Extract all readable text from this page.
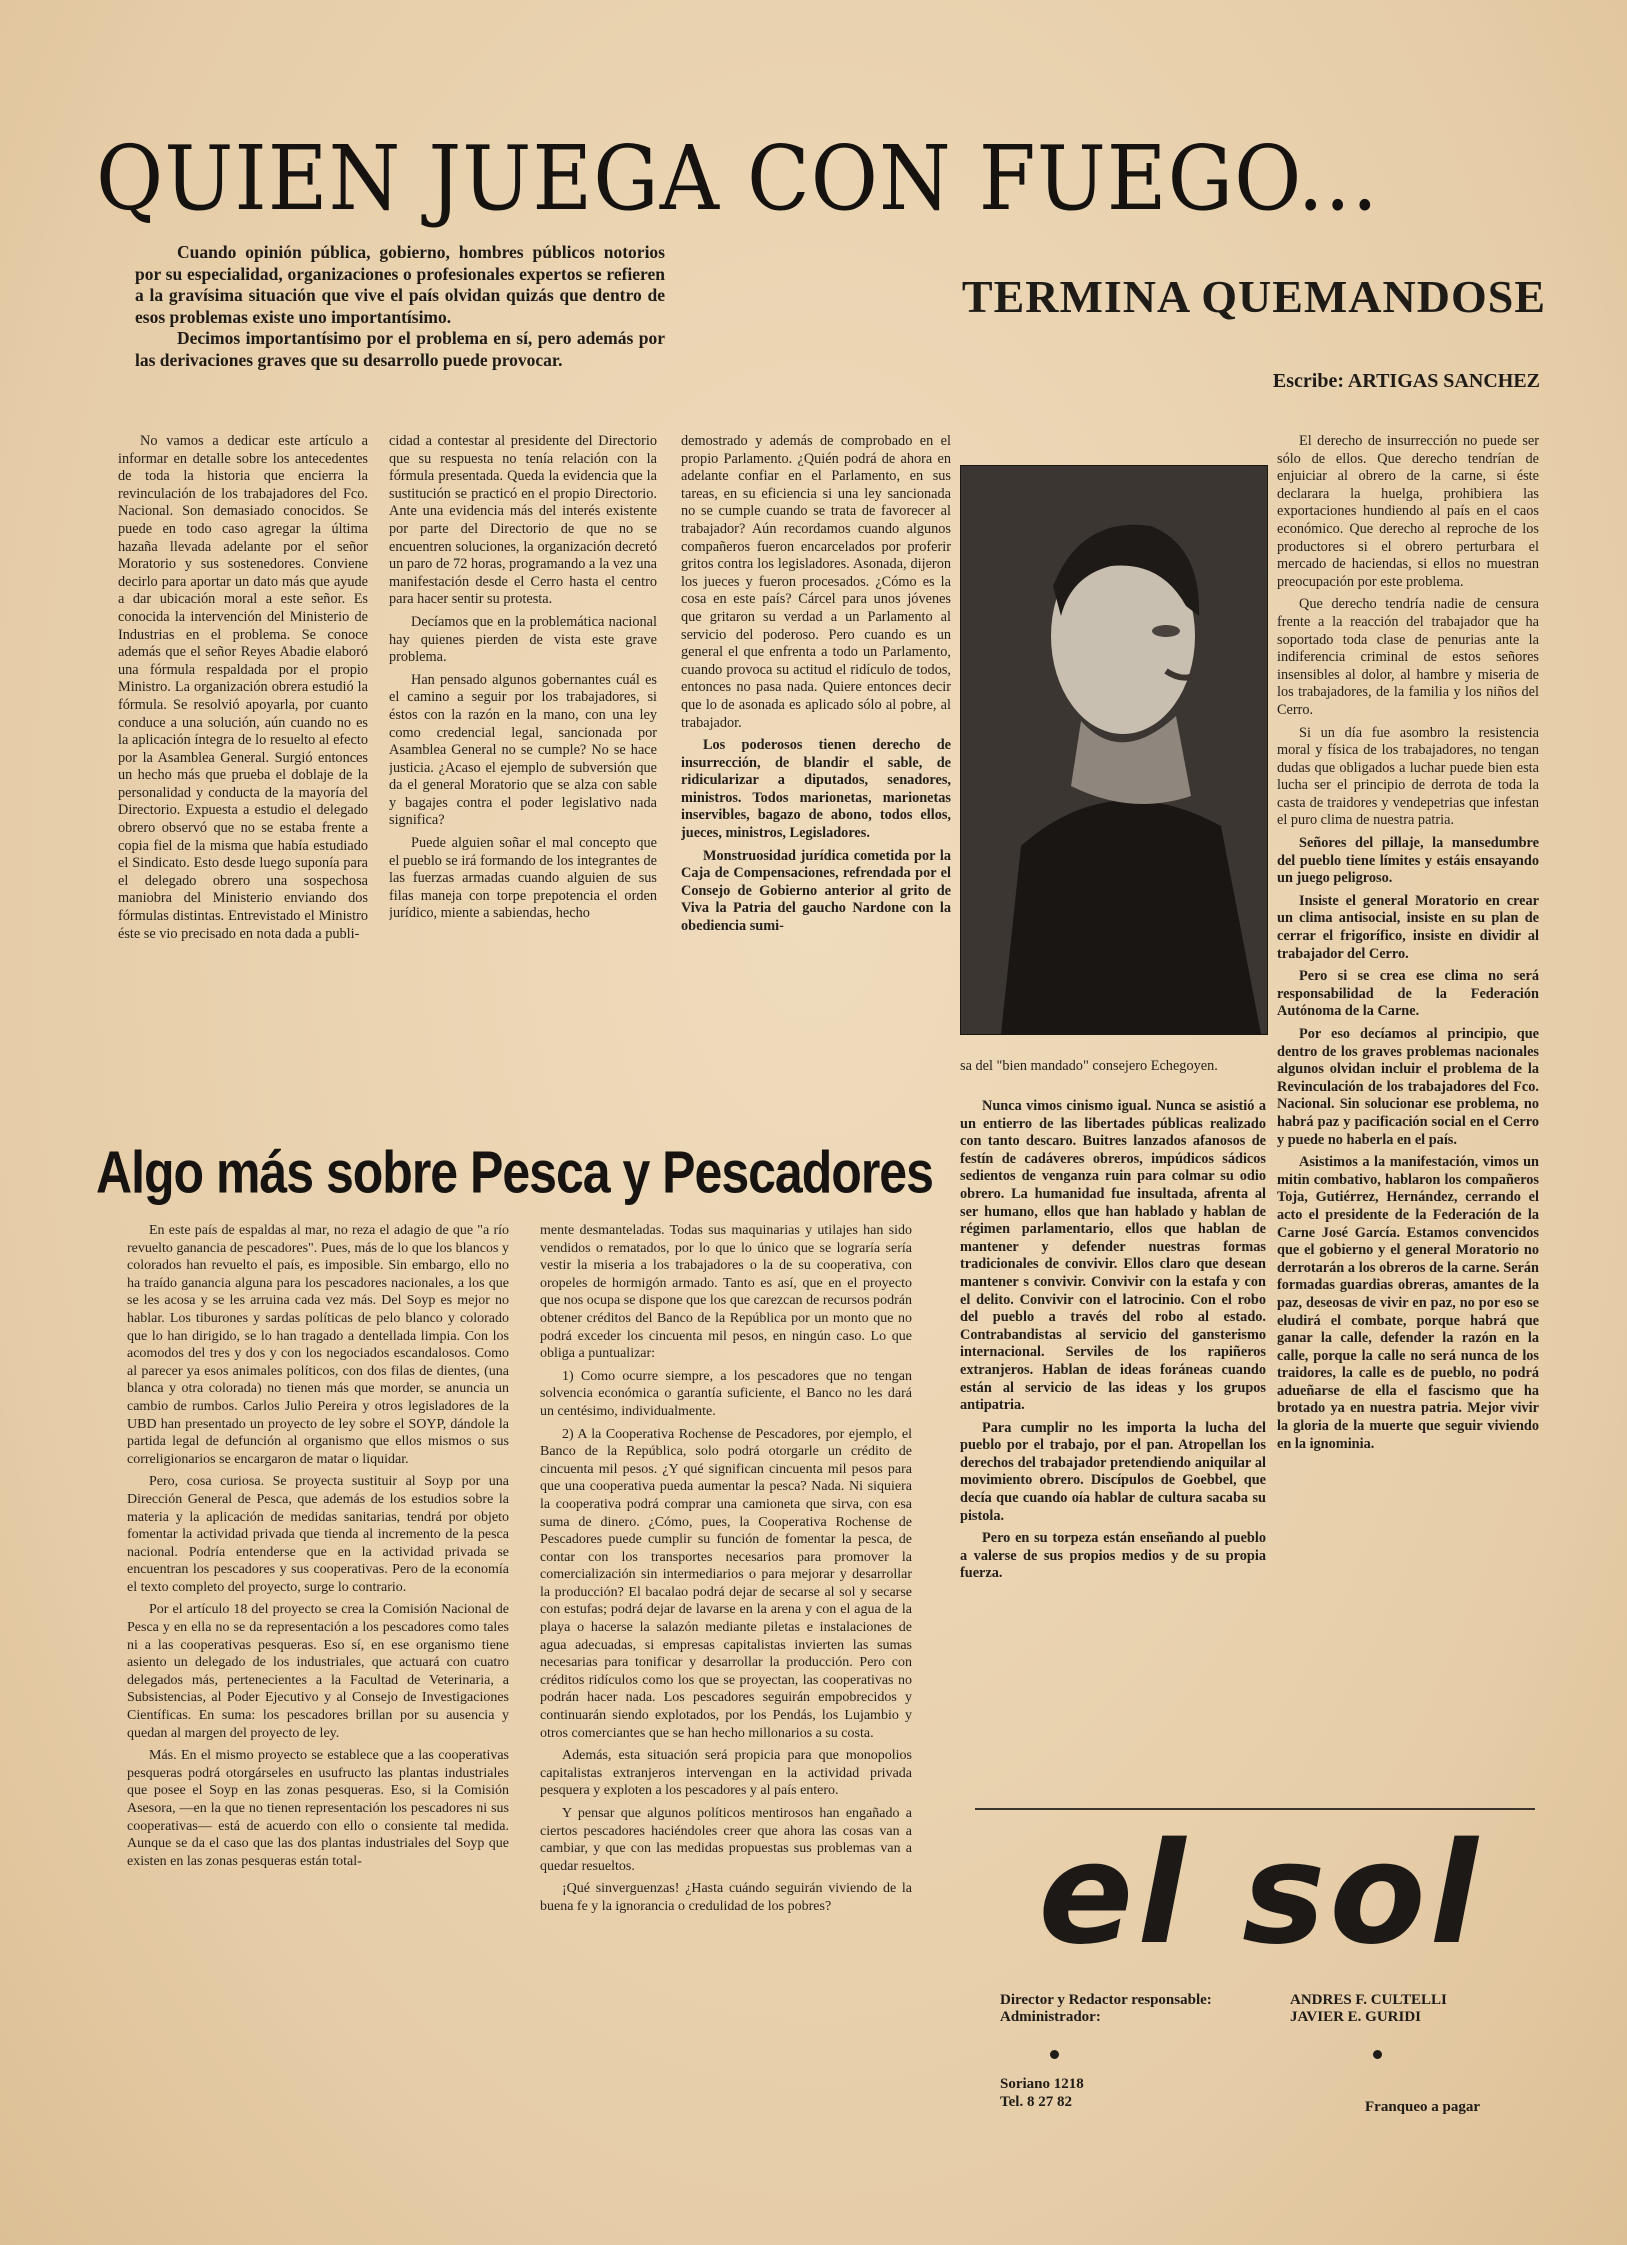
QUIEN JUEGA CON FUEGO...

Cuando opinión pública, gobierno, hombres públicos notorios por su especialidad, organizaciones o profesionales expertos se refieren a la gravísima situación que vive el país olvidan quizás que dentro de esos problemas existe uno importantísimo.

Decimos importantísimo por el problema en sí, pero además por las derivaciones graves que su desarrollo puede provocar.

TERMINA QUEMANDOSE
Escribe: ARTIGAS SANCHEZ

No vamos a dedicar este artículo a informar en detalle sobre los antecedentes de toda la historia que encierra la revinculación de los trabajadores del Fco. Nacional. Son demasiado conocidos. Se puede en todo caso agregar la última hazaña llevada adelante por el señor Moratorio y sus sostenedores. Conviene decirlo para aportar un dato más que ayude a dar ubicación moral a este señor. Es conocida la intervención del Ministerio de Industrias en el problema. Se conoce además que el señor Reyes Abadie elaboró una fórmula respaldada por el propio Ministro. La organización obrera estudió la fórmula. Se resolvió apoyarla, por cuanto conduce a una solución, aún cuando no es la aplicación íntegra de lo resuelto al efecto por la Asamblea General. Surgió entonces un hecho más que prueba el doblaje de la personalidad y conducta de la mayoría del Directorio. Expuesta a estudio el delegado obrero observó que no se estaba frente a copia fiel de la misma que había estudiado el Sindicato. Esto desde luego suponía para el delegado obrero una sospechosa maniobra del Ministerio enviando dos fórmulas distintas. Entrevistado el Ministro éste se vio precisado en nota dada a publi-

cidad a contestar al presidente del Directorio que su respuesta no tenía relación con la fórmula presentada. Queda la evidencia que la sustitución se practicó en el propio Directorio. Ante una evidencia más del interés existente por parte del Directorio de que no se encuentren soluciones, la organización decretó un paro de 72 horas, programando a la vez una manifestación desde el Cerro hasta el centro para hacer sentir su protesta.

Decíamos que en la problemática nacional hay quienes pierden de vista este grave problema.

Han pensado algunos gobernantes cuál es el camino a seguir por los trabajadores, si éstos con la razón en la mano, con una ley como credencial legal, sancionada por Asamblea General no se cumple? No se hace justicia. ¿Acaso el ejemplo de subversión que da el general Moratorio que se alza con sable y bagajes contra el poder legislativo nada significa?

Puede alguien soñar el mal concepto que el pueblo se irá formando de los integrantes de las fuerzas armadas cuando alguien de sus filas maneja con torpe prepotencia el orden jurídico, miente a sabiendas, hecho

demostrado y además de comprobado en el propio Parlamento. ¿Quién podrá de ahora en adelante confiar en el Parlamento, en sus tareas, en su eficiencia si una ley sancionada no se cumple cuando se trata de favorecer al trabajador? Aún recordamos cuando algunos compañeros fueron encarcelados por proferir gritos contra los legisladores. Asonada, dijeron los jueces y fueron procesados. ¿Cómo es la cosa en este país? Cárcel para unos jóvenes que gritaron su verdad a un Parlamento al servicio del poderoso. Pero cuando es un general el que enfrenta a todo un Parlamento, cuando provoca su actitud el ridículo de todos, entonces no pasa nada. Quiere entonces decir que lo de asonada es aplicado sólo al pobre, al trabajador.

Los poderosos tienen derecho de insurrección, de blandir el sable, de ridicularizar a diputados, senadores, ministros. Todos marionetas, marionetas inservibles, bagazo de abono, todos ellos, jueces, ministros, Legisladores.

Monstruosidad jurídica cometida por la Caja de Compensaciones, refrendada por el Consejo de Gobierno anterior al grito de Viva la Patria del gaucho Nardone con la obediencia sumi-

sa del "bien mandado" consejero Echegoyen.

Nunca vimos cinismo igual. Nunca se asistió a un entierro de las libertades públicas realizado con tanto descaro. Buitres lanzados afanosos de festín de cadáveres obreros, impúdicos sádicos sedientos de venganza ruin para colmar su odio obrero. La humanidad fue insultada, afrenta al ser humano, ellos que han hablado y hablan de régimen parlamentario, ellos que hablan de mantener y defender nuestras formas tradicionales de convivir. Ellos claro que desean mantener s convivir. Convivir con la estafa y con el delito. Convivir con el latrocinio. Con el robo del pueblo a través del robo al estado. Contrabandistas al servicio del gansterismo internacional. Serviles de los rapiñeros extranjeros. Hablan de ideas foráneas cuando están al servicio de las ideas y los grupos antipatria.

Para cumplir no les importa la lucha del pueblo por el trabajo, por el pan. Atropellan los derechos del trabajador pretendiendo aniquilar al movimiento obrero. Discípulos de Goebbel, que decía que cuando oía hablar de cultura sacaba su pistola.

Pero en su torpeza están enseñando al pueblo a valerse de sus propios medios y de su propia fuerza.

El derecho de insurrección no puede ser sólo de ellos. Que derecho tendrían de enjuiciar al obrero de la carne, si éste declarara la huelga, prohibiera las exportaciones hundiendo al país en el caos económico. Que derecho al reproche de los productores si el obrero perturbara el mercado de haciendas, si ellos no muestran preocupación por este problema.

Que derecho tendría nadie de censura frente a la reacción del trabajador que ha soportado toda clase de penurias ante la indiferencia criminal de estos señores insensibles al dolor, al hambre y miseria de los trabajadores, de la familia y los niños del Cerro.

Si un día fue asombro la resistencia moral y física de los trabajadores, no tengan dudas que obligados a luchar puede bien esta lucha ser el principio de derrota de toda la casta de traidores y vendepetrias que infestan el puro clima de nuestra patria.

Señores del pillaje, la mansedumbre del pueblo tiene límites y estáis ensayando un juego peligroso.

Insiste el general Moratorio en crear un clima antisocial, insiste en su plan de cerrar el frigorífico, insiste en dividir al trabajador del Cerro.

Pero si se crea ese clima no será responsabilidad de la Federación Autónoma de la Carne.

Por eso decíamos al principio, que dentro de los graves problemas nacionales algunos olvidan incluir el problema de la Revinculación de los trabajadores del Fco. Nacional. Sin solucionar ese problema, no habrá paz y pacificación social en el Cerro y puede no haberla en el país.

Asistimos a la manifestación, vimos un mitin combativo, hablaron los compañeros Toja, Gutiérrez, Hernández, cerrando el acto el presidente de la Federación de la Carne José García. Estamos convencidos que el gobierno y el general Moratorio no derrotarán a los obreros de la carne. Serán formadas guardias obreras, amantes de la paz, deseosas de vivir en paz, no por eso se eludirá el combate, porque habrá que ganar la calle, defender la razón en la calle, porque la calle no será nunca de los traidores, la calle es de pueblo, no podrá adueñarse de ella el fascismo que ha brotado ya en nuestra patria. Mejor vivir la gloria de la muerte que seguir viviendo en la ignominia.

Algo más sobre Pesca y Pescadores

En este país de espaldas al mar, no reza el adagio de que "a río revuelto ganancia de pescadores". Pues, más de lo que los blancos y colorados han revuelto el país, es imposible. Sin embargo, ello no ha traído ganancia alguna para los pescadores nacionales, a los que se les acosa y se les arruina cada vez más. Del Soyp es mejor no hablar. Los tiburones y sardas políticas de pelo blanco y colorado que lo han dirigido, se lo han tragado a dentellada limpia. Con los acomodos del tres y dos y con los negociados escandalosos. Como al parecer ya esos animales políticos, con dos filas de dientes, (una blanca y otra colorada) no tienen más que morder, se anuncia un cambio de rumbos. Carlos Julio Pereira y otros legisladores de la UBD han presentado un proyecto de ley sobre el SOYP, dándole la partida legal de defunción al organismo que ellos mismos o sus correligionarios se encargaron de matar o liquidar.

Pero, cosa curiosa. Se proyecta sustituir al Soyp por una Dirección General de Pesca, que además de los estudios sobre la materia y la aplicación de medidas sanitarias, tendrá por objeto fomentar la actividad privada que tienda al incremento de la pesca nacional. Podría entenderse que en la actividad privada se encuentran los pescadores y sus cooperativas. Pero de la economía el texto completo del proyecto, surge lo contrario.

Por el artículo 18 del proyecto se crea la Comisión Nacional de Pesca y en ella no se da representación a los pescadores como tales ni a las cooperativas pesqueras. Eso sí, en ese organismo tiene asiento un delegado de los industriales, que actuará con cuatro delegados más, pertenecientes a la Facultad de Veterinaria, a Subsistencias, al Poder Ejecutivo y al Consejo de Investigaciones Científicas. En suma: los pescadores brillan por su ausencia y quedan al margen del proyecto de ley.

Más. En el mismo proyecto se establece que a las cooperativas pesqueras podrá otorgárseles en usufructo las plantas industriales que posee el Soyp en las zonas pesqueras. Eso, si la Comisión Asesora, —en la que no tienen representación los pescadores ni sus cooperativas— está de acuerdo con ello o consiente tal medida. Aunque se da el caso que las dos plantas industriales del Soyp que existen en las zonas pesqueras están total-

mente desmanteladas. Todas sus maquinarias y utilajes han sido vendidos o rematados, por lo que lo único que se lograría sería vestir la miseria a los trabajadores o la de su cooperativa, con oropeles de hormigón armado. Tanto es así, que en el proyecto que nos ocupa se dispone que los que carezcan de recursos podrán obtener créditos del Banco de la República por un monto que no podrá exceder los cincuenta mil pesos, en ningún caso. Lo que obliga a puntualizar:

1) Como ocurre siempre, a los pescadores que no tengan solvencia económica o garantía suficiente, el Banco no les dará un centésimo, individualmente.

2) A la Cooperativa Rochense de Pescadores, por ejemplo, el Banco de la República, solo podrá otorgarle un crédito de cincuenta mil pesos. ¿Y qué significan cincuenta mil pesos para que una cooperativa pueda aumentar la pesca? Nada. Ni siquiera la cooperativa podrá comprar una camioneta que sirva, con esa suma de dinero. ¿Cómo, pues, la Cooperativa Rochense de Pescadores puede cumplir su función de fomentar la pesca, de contar con los transportes necesarios para promover la comercialización sin intermediarios o para mejorar y desarrollar la producción? El bacalao podrá dejar de secarse al sol y secarse con estufas; podrá dejar de lavarse en la arena y con el agua de la playa o hacerse la salazón mediante piletas e instalaciones de agua adecuadas, si empresas capitalistas invierten las sumas necesarias para tonificar y desarrollar la producción. Pero con créditos ridículos como los que se proyectan, las cooperativas no podrán hacer nada. Los pescadores seguirán empobrecidos y continuarán siendo explotados, por los Pendás, los Lujambio y otros comerciantes que se han hecho millonarios a su costa.

Además, esta situación será propicia para que monopolios capitalistas extranjeros intervengan en la actividad privada pesquera y exploten a los pescadores y al país entero.

Y pensar que algunos políticos mentirosos han engañado a ciertos pescadores haciéndoles creer que ahora las cosas van a cambiar, y que con las medidas propuestas sus problemas van a quedar resueltos.

¡Qué sinverguenzas! ¿Hasta cuándo seguirán viviendo de la buena fe y la ignorancia o credulidad de los pobres?	el sol
Director y Redactor responsable:	ANDRES F. CULTELLI
Administrador:	JAVIER E. GURIDI
Soriano 1218
Tel. 8 27 82	Franqueo a pagar
